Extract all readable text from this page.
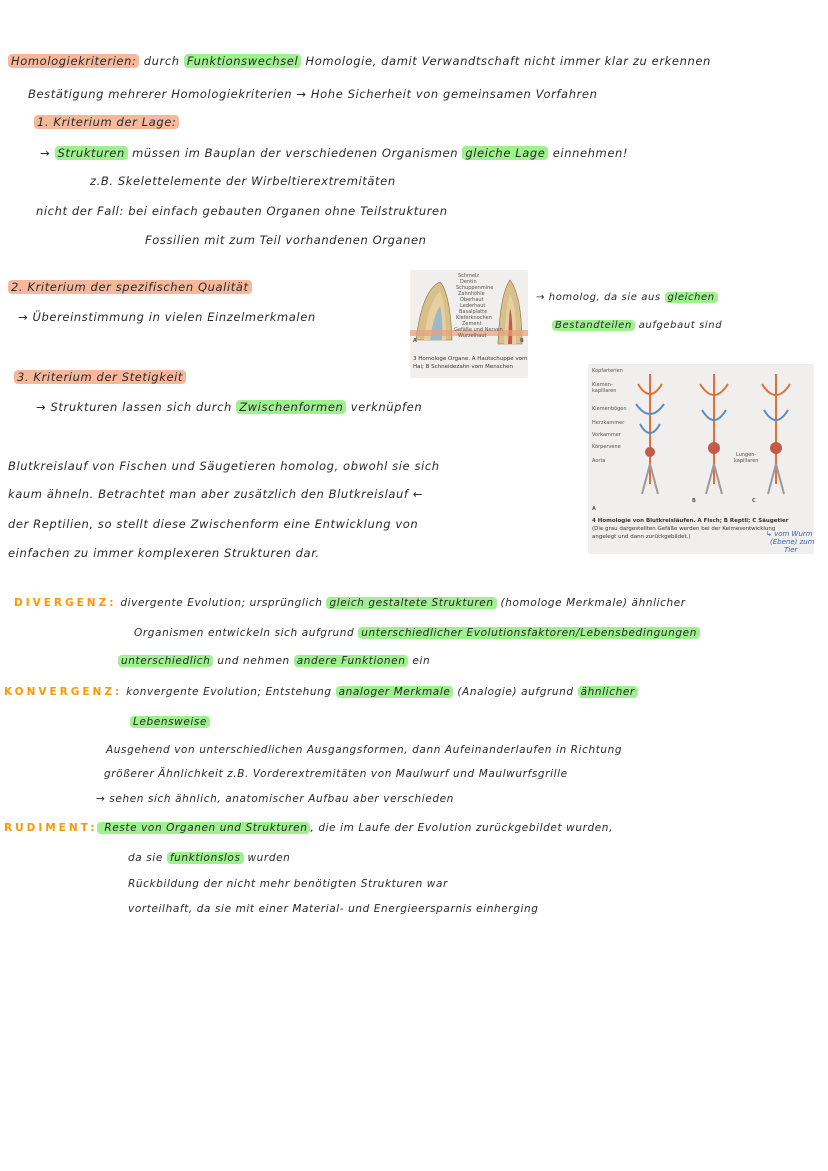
Homologiekriterien: durch Funktionswechsel Homologie, damit Verwandtschaft nicht immer klar zu erkennen
Bestätigung mehrerer Homologiekriterien → Hohe Sicherheit von gemeinsamen Vorfahren
1. Kriterium der Lage:
→ Strukturen müssen im Bauplan der verschiedenen Organismen gleiche Lage einnehmen!
z.B. Skelettelemente der Wirbeltierextremitäten
nicht der Fall: bei einfach gebauten Organen ohne Teilstrukturen
Fossilien mit zum Teil vorhandenen Organen
2. Kriterium der spezifischen Qualität
→ Übereinstimmung in vielen Einzelmerkmalen
Schmelz
Dentin
Schuppenmine
Zahnhöhle
Oberhaut
Lederhaut
Basalplatte
Kieferknochen
Zement
Gefäße und Nerven
Wurzelhaut
A	B
3 Homologe Organe. A Hautschuppe vom
Hai; B Schneidezahn vom Menschen
→ homolog, da sie aus gleichen
Bestandteilen aufgebaut sind
3. Kriterium der Stetigkeit
→ Strukturen lassen sich durch Zwischenformen verknüpfen
Kopfarterien
Kiemen-
kapillaren
Kiemenbögen
Herzkammer
Vorkammer
Körpervene
Aorta
Lungen-
kapillaren
A
B	C
4 Homologie von Blutkreisläufen. A Fisch; B Reptil; C Säugetier
(Die grau dargestellten Gefäße werden bei der Keimesentwicklung
angelegt und dann zurückgebildet.)	↳ vom Wurm
(Ebene) zum
Tier
Blutkreislauf von Fischen und Säugetieren homolog, obwohl sie sich
kaum ähneln. Betrachtet man aber zusätzlich den Blutkreislauf ←
der Reptilien, so stellt diese Zwischenform eine Entwicklung von
einfachen zu immer komplexeren Strukturen dar.
DIVERGENZ: divergente Evolution; ursprünglich gleich gestaltete Strukturen (homologe Merkmale) ähnlicher
Organismen entwickeln sich aufgrund unterschiedlicher Evolutionsfaktoren/Lebensbedingungen
unterschiedlich und nehmen andere Funktionen ein
KONVERGENZ: konvergente Evolution; Entstehung analoger Merkmale (Analogie) aufgrund ähnlicher
Lebensweise
Ausgehend von unterschiedlichen Ausgangsformen, dann Aufeinanderlaufen in Richtung
größerer Ähnlichkeit z.B. Vorderextremitäten von Maulwurf und Maulwurfsgrille
→ sehen sich ähnlich, anatomischer Aufbau aber verschieden
RUDIMENT: Reste von Organen und Strukturen , die im Laufe der Evolution zurückgebildet wurden,
da sie funktionslos wurden
Rückbildung der nicht mehr benötigten Strukturen war
vorteilhaft, da sie mit einer Material- und Energieersparnis einherging
